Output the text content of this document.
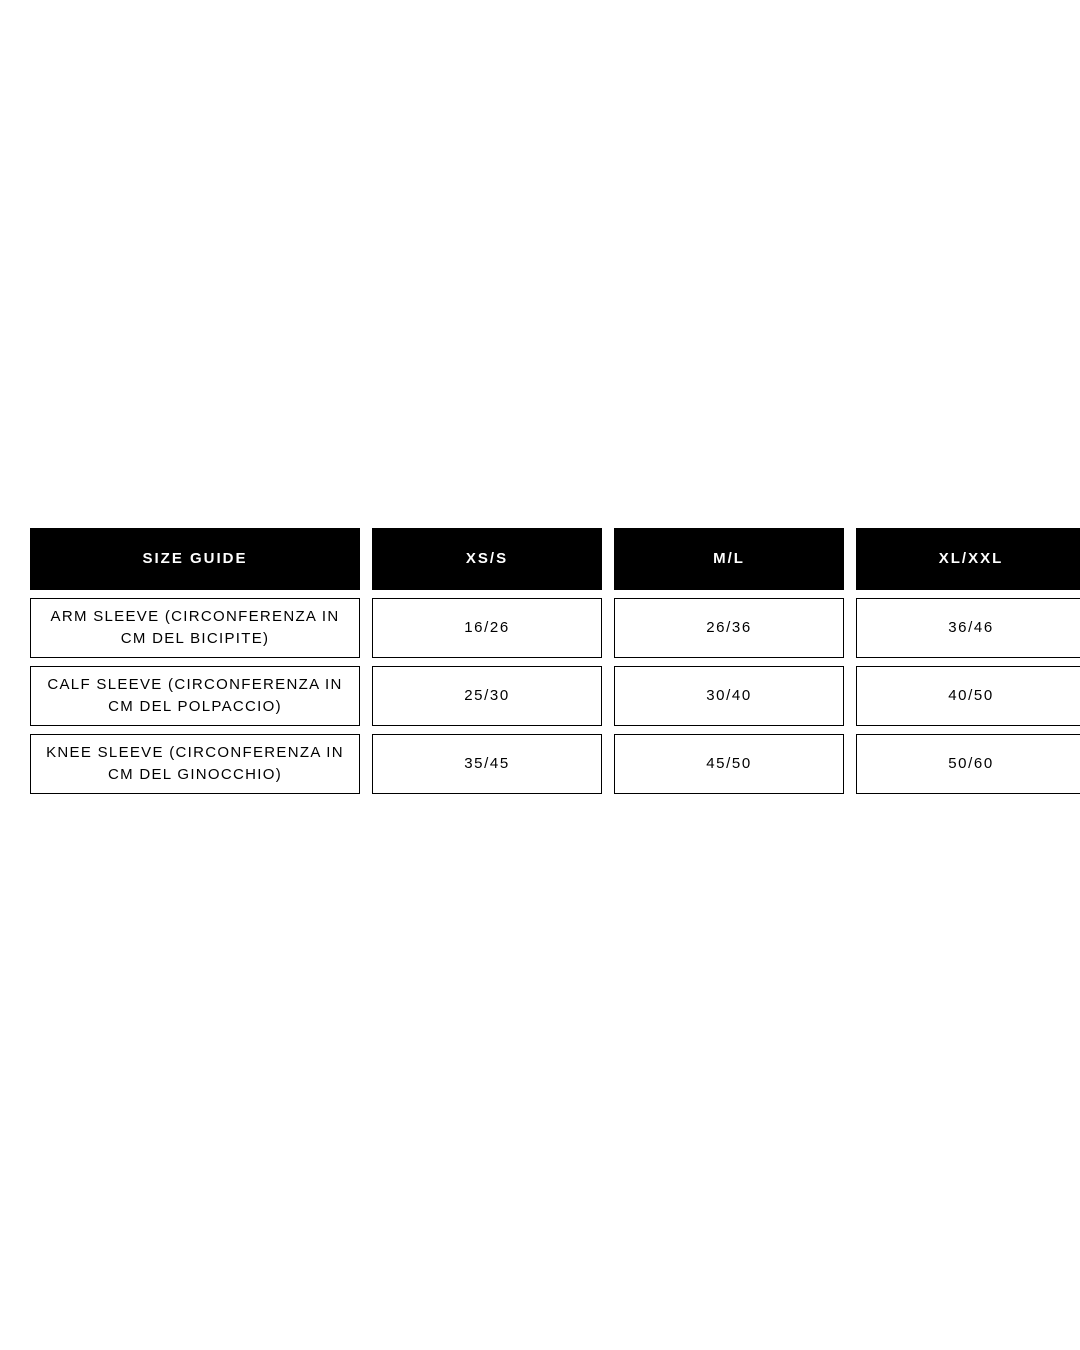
SIZE GUIDE	XS/S	M/L	XL/XXL

ARM SLEEVE (CIRCONFERENZA IN CM DEL BICIPITE)	16/26	26/36	36/46

CALF SLEEVE (CIRCONFERENZA IN CM DEL POLPACCIO)	25/30	30/40	40/50

KNEE SLEEVE (CIRCONFERENZA IN CM DEL GINOCCHIO)	35/45	45/50	50/60
